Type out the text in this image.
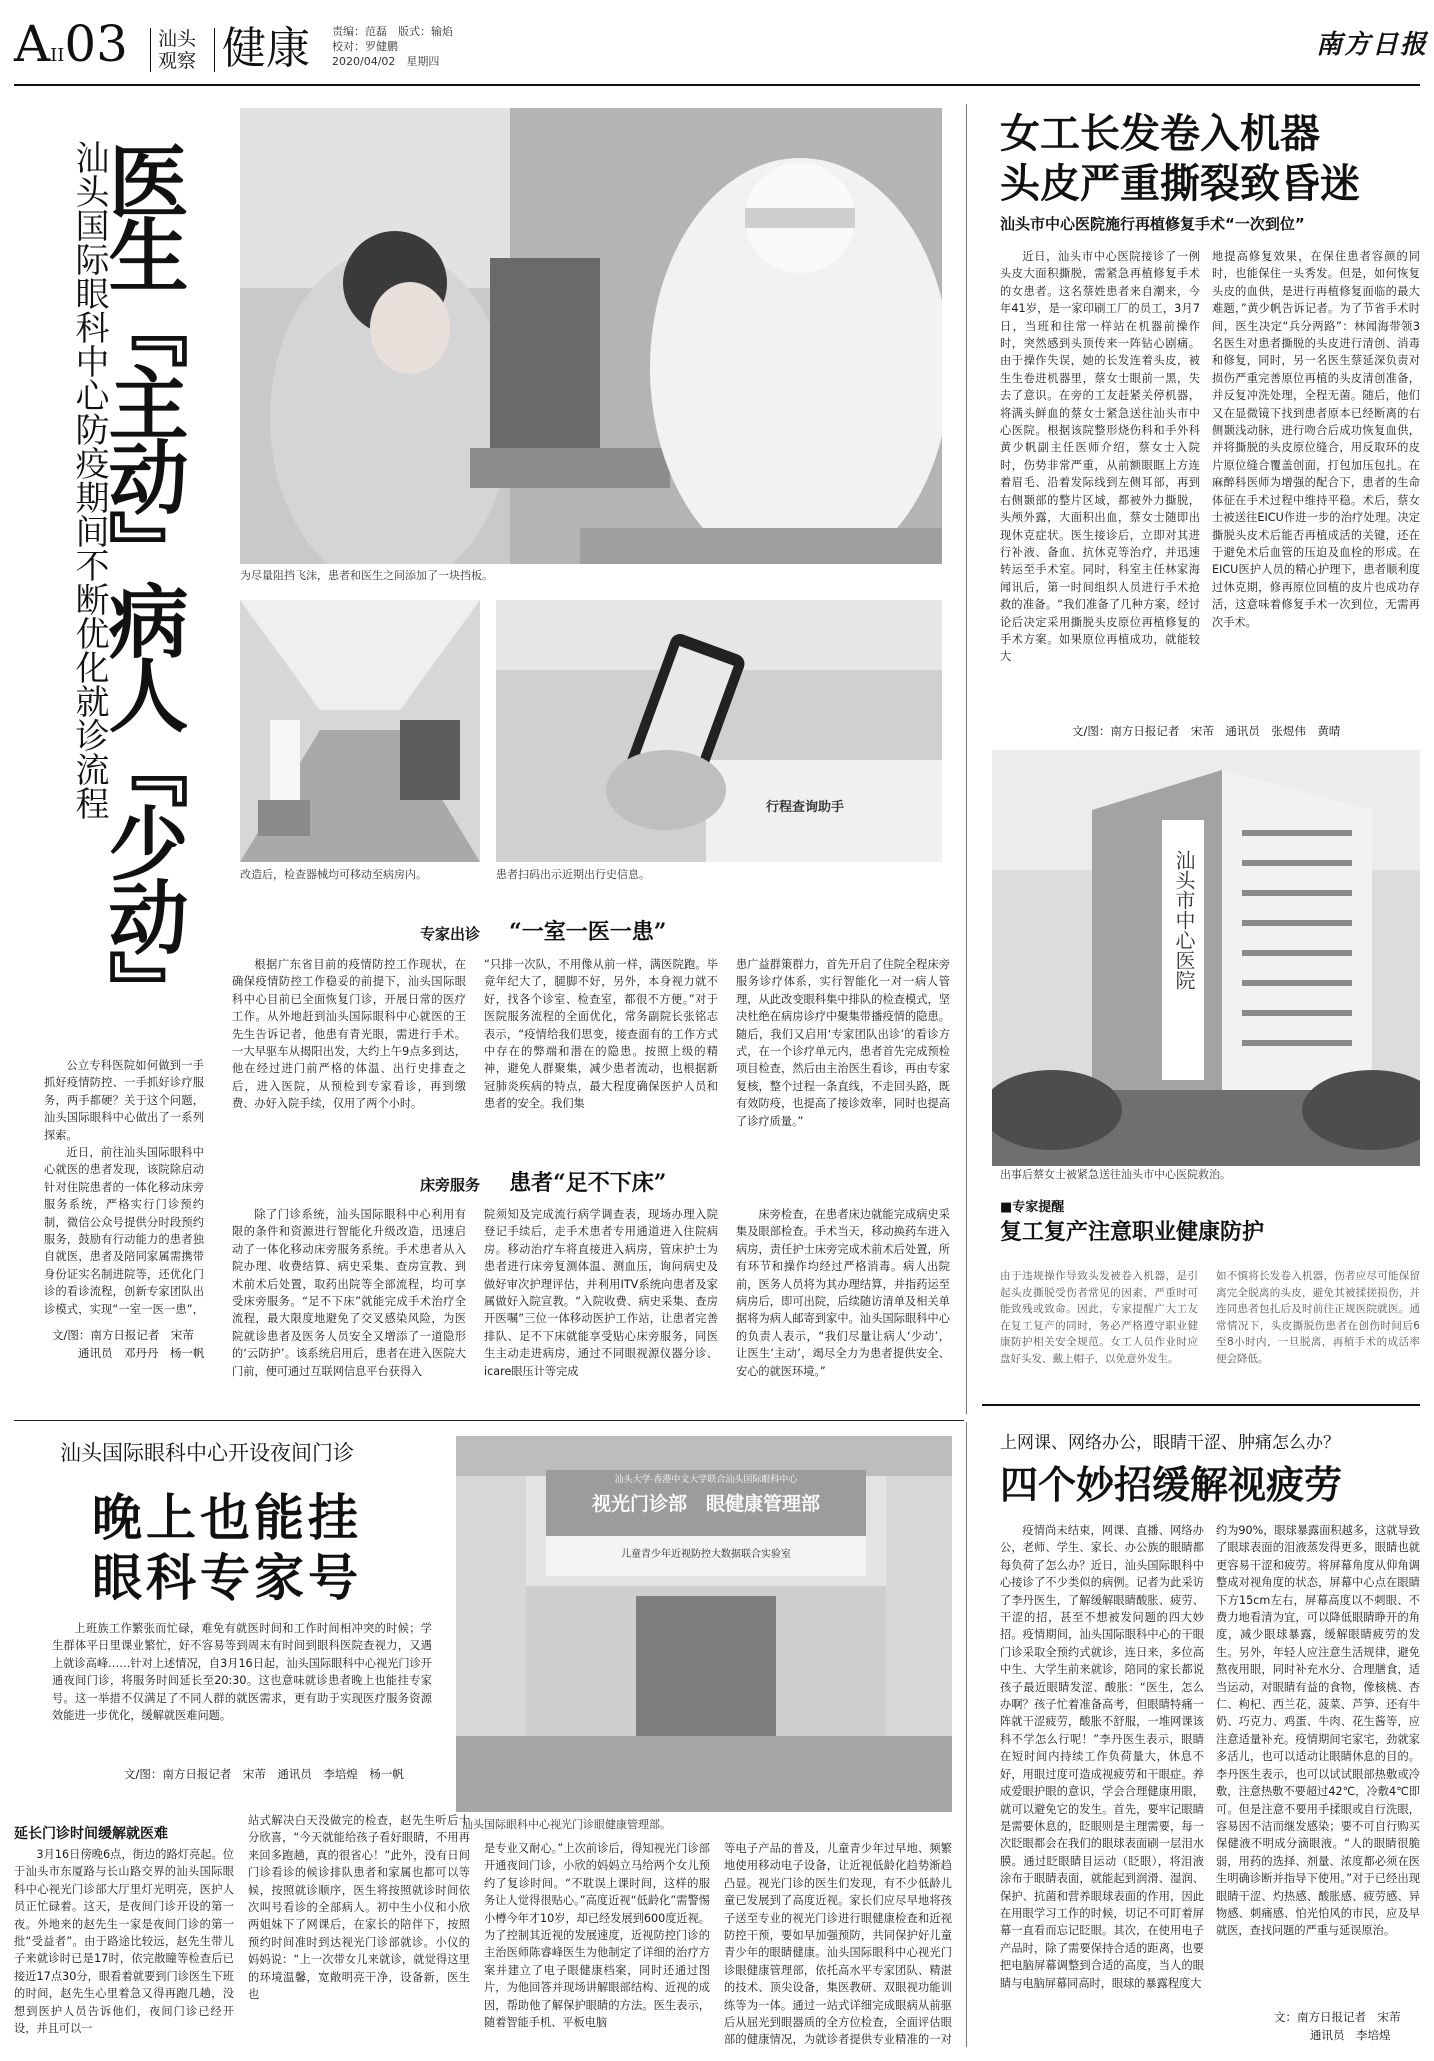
AII03 汕头
观察 健康 责编：范磊　版式：输焰
校对：罗健鹏
2020/04/02　星期四
南方日报
汕头国际眼科中心防疫期间不断优化就诊流程
医生『主动』
病人『少动』
为尽量阻挡飞沫，患者和医生之间添加了一块挡板。
行程查询助手
改造后，检查器械均可移动至病房内。	患者扫码出示近期出行史信息。

公立专科医院如何做到一手抓好疫情防控、一手抓好诊疗服务，两手都硬？关于这个问题，汕头国际眼科中心做出了一系列探索。

近日，前往汕头国际眼科中心就医的患者发现，该院除启动针对住院患者的一体化移动床旁服务系统，严格实行门诊预约制，微信公众号提供分时段预约服务，鼓励有行动能力的患者独自就医，患者及陪同家属需携带身份证实名制进院等，还优化门诊的看诊流程，创新专家团队出诊模式，实现“一室一医一患”，

文/图：南方日报记者　宋芾
通讯员　邓丹丹　杨一帆
专家出诊 “一室一医一患”

根据广东省目前的疫情防控工作现状，在确保疫情防控工作稳妥的前提下，汕头国际眼科中心目前已全面恢复门诊，开展日常的医疗工作。从外地赶到汕头国际眼科中心就医的王先生告诉记者，他患有青光眼，需进行手术。一大早驱车从揭阳出发，大约上午9点多到达，他在经过进门前严格的体温、出行史排查之后，进入医院，从预检到专家看诊，再到缴费、办好入院手续，仅用了两个小时。

“只排一次队，不用像从前一样，满医院跑。毕竟年纪大了，腿脚不好，另外，本身视力就不好，找各个诊室、检查室，都很不方便。”对于医院服务流程的全面优化，常务副院长张铭志表示，“疫情给我们思变，接查面有的工作方式中存在的弊端和潜在的隐患。按照上级的精神，避免人群聚集，减少患者流动，也根据新冠肺炎疾病的特点，最大程度确保医护人员和患者的安全。我们集

患广益群策群力，首先开启了住院全程床旁服务诊疗体系，实行智能化一对一病人管理，从此改变眼科集中排队的检查模式，坚决杜绝在病房诊疗中聚集带播疫情的隐患。随后，我们又启用‘专家团队出诊’的看诊方式，在一个诊疗单元内，患者首先完成预检项目检查，然后由主治医生看诊，再由专家复核，整个过程一条直线，不走回头路，既有效防疫，也提高了接诊效率，同时也提高了诊疗质量。”

床旁服务 患者“足不下床”

除了门诊系统，汕头国际眼科中心利用有限的条件和资源进行智能化升级改造，迅速启动了一体化移动床旁服务系统。手术患者从入院办理、收费结算、病史采集、查房宣教、到术前术后处置，取药出院等全部流程，均可享受床旁服务。“足不下床”就能完成手术治疗全流程，最大限度地避免了交叉感染风险，为医院就诊患者及医务人员安全又增添了一道隐形的‘云防护’。该系统启用后，患者在进入医院大门前，便可通过互联网信息平台获得入

院须知及完成流行病学调查表，现场办理入院登记手续后，走手术患者专用通道进入住院病房。移动治疗车将直接进入病房，管床护士为患者进行床旁复测体温、测血压，询问病史及做好审次护理评估，并利用ITV系统向患者及家属做好入院宣教。“入院收费、病史采集、查房开医嘱”三位一体移动医护工作站，让患者完善排队、足不下床就能享受贴心床旁服务，同医生主动走进病房，通过不同眼视源仪器分诊、icare眼压计等完成

床旁检查，在患者床边就能完成病史采集及眼部检查。手术当天，移动换药车进入病房，责任护士床旁完成术前术后处置，所有环节和操作均经过严格消毒。病人出院前，医务人员将为其办理结算，并指药运至病房后，即可出院，后续随访清单及相关单据将为病人邮寄到家中。汕头国际眼科中心的负责人表示，“我们尽量让病人‘少动’，让医生‘主动’，竭尽全力为患者提供安全、安心的就医环境。”

女工长发卷入机器
头皮严重撕裂致昏迷
汕头市中心医院施行再植修复手术“一次到位”

近日，汕头市中心医院接诊了一例头皮大面积撕脱，需紧急再植修复手术的女患者。这名蔡姓患者来自潮来，今年41岁，是一家印刷工厂的员工，3月7日，当班和往常一样站在机器前操作时，突然感到头顶传来一阵钻心剧痛。由于操作失误，她的长发连着头皮，被生生卷进机器里，蔡女士眼前一黑，失去了意识。在旁的工友赶紧关停机器，将满头鲜血的蔡女士紧急送往汕头市中心医院。根据该院整形烧伤科和手外科黄少帆副主任医师介绍，蔡女士入院时，伤势非常严重，从前额眼眶上方连着眉毛、沿着发际线到左侧耳部，再到右侧颞部的整片区域，都被外力撕脱，头颅外露，大面积出血，蔡女士随即出现休克症状。医生接诊后，立即对其进行补液、备血、抗休克等治疗，并迅速转运至手术室。同时，科室主任林家海闻讯后，第一时间组织人员进行手术抢救的准备。“我们准备了几种方案，经讨论后决定采用撕脱头皮原位再植修复的手术方案。如果原位再植成功，就能较大

地提高修复效果，在保住患者容颜的同时，也能保住一头秀发。但是，如何恢复头皮的血供，是进行再植修复面临的最大难题，”黄少帆告诉记者。为了节省手术时间，医生决定“兵分两路”：林闻海带领3名医生对患者撕脱的头皮进行清创、消毒和修复，同时，另一名医生蔡延深负责对损伤严重完善原位再植的头皮清创准备，并反复冲洗处理，全程无菌。随后，他们又在显微镜下找到患者原本已经断离的右侧颞浅动脉，进行吻合后成功恢复血供，并将撕脱的头皮原位缝合，用反取环的皮片原位缝合覆盖创面，打包加压包扎。在麻醉科医师为增强的配合下，患者的生命体征在手术过程中维持平稳。术后，蔡女士被送往EICU作进一步的治疗处理。决定撕脱头皮术后能否再植成活的关键，还在于避免术后血管的压迫及血栓的形成。在EICU医护人员的精心护理下，患者顺利度过休克期，修再原位回植的皮片也成功存活，这意味着修复手术一次到位，无需再次手术。

文/图：南方日报记者　宋芾　通讯员　张煜伟　黄晴
汕头市中心医院
出事后蔡女士被紧急送往汕头市中心医院救治。
■专家提醒
复工复产注意职业健康防护
由于违规操作导致头发被卷入机器，是引起头皮撕脱受伤者常见的因素，严重时可能致残或致命。因此，专家提醒广大工友在复工复产的同时，务必严格遵守职业健康防护相关安全规范。女工人员作业时应盘好头发、戴上帽子，以免意外发生。
如不慎将长发卷入机器，伤者应尽可能保留离完全脱离的头皮，避免其被揉搓损伤，并连同患者包扎后及时前往正规医院就医。通常情况下，头皮撕脱伤患者在创伤时间后6至8小时内，一旦脱离，再植手术的成活率便会降低。
汕头国际眼科中心开设夜间门诊
晚上也能挂
眼科专家号

上班族工作繁张而忙碌，难免有就医时间和工作时间相冲突的时候；学生群体平日里课业繁忙，好不容易等到周末有时间到眼科医院查视力，又遇上就诊高峰……针对上述情况，自3月16日起，汕头国际眼科中心视光门诊开通夜间门诊，将服务时间延长至20:30。这也意味就诊患者晚上也能挂专家号。这一举措不仅满足了不同人群的就医需求，更有助于实现医疗服务资源效能进一步优化，缓解就医难问题。

文/图：南方日报记者　宋芾　通讯员　李培煌　杨一帆
汕头大学·香港中文大学联合汕头国际眼科中心
视光门诊部　眼健康管理部
儿童青少年近视防控大数据联合实验室
汕头国际眼科中心视光门诊眼健康管理部。
延长门诊时间缓解就医难

3月16日傍晚6点，街边的路灯亮起。位于汕头市东厦路与长山路交界的汕头国际眼科中心视光门诊部大厅里灯光明亮，医护人员正忙碌着。这天，是夜间门诊开设的第一夜。外地来的赵先生一家是夜间门诊的第一批“受益者”。由于路途比较远，赵先生带儿子来就诊时已是17时，依完散瞳等检查后已接近17点30分，眼看着就要到门诊医生下班的时间，赵先生心里着急又得再跑几趟，没想到医护人员告诉他们，夜间门诊已经开设，并且可以一

站式解决白天没做完的检查，赵先生听后十分欣喜，“今天就能给孩子看好眼睛，不用再来回多跑趟，真的很省心！”此外，没有日间门诊看诊的候诊排队患者和家属也都可以等候，按照就诊顺序，医生将按照就诊时间依次叫号看诊的全部病人。初中生小仪和小欣两姐妹下了网课后，在家长的陪伴下，按照预约时间准时到达视光门诊部就诊。小仪的妈妈说：“上一次带女儿来就诊，就觉得这里的环境温馨，宽敞明亮干净，设备新，医生也

是专业又耐心。”上次前诊后，得知视光门诊部开通夜间门诊，小欣的妈妈立马给两个女儿预约了复诊时间。“不耽误上课时间，这样的服务让人觉得很贴心。”高度近视“低龄化”需警惕小樽今年才10岁，却已经发展到600度近视。为了控制其近视的发展速度，近视防控门诊的主治医师陈睿峰医生为他制定了详细的治疗方案并建立了电子眼健康档案，同时还通过图片，为他回答并现场讲解眼部结构、近视的成因，帮助他了解保护眼睛的方法。医生表示，随着智能手机、平板电脑

等电子产品的普及，儿童青少年过早地、频繁地使用移动电子设备，让近视低龄化趋势渐趋凸显。视光门诊的医生们发现，有不少低龄儿童已发展到了高度近视。家长们应尽早地将孩子送至专业的视光门诊进行眼健康检查和近视防控干预，要如早加强预防，共同保护好儿童青少年的眼睛健康。汕头国际眼科中心视光门诊眼健康管理部，依托高水平专家团队、精湛的技术、顶尖设备，集医教研、双眼视功能训练等为一体。通过一站式详细完成眼病从前驱后从屈光到眼器质的全方位检查，全面评估眼部的健康情况，为就诊者提供专业精准的一对

上网课、网络办公，眼睛干涩、肿痛怎么办？
四个妙招缓解视疲劳

疫情尚未结束，网课、直播、网络办公，老师、学生、家长、办公族的眼睛都每负荷了怎么办？近日，汕头国际眼科中心接诊了不少类似的病例。记者为此采访了李丹医生，了解缓解眼睛酸胀、疲劳、干涩的招，甚至不想被发问题的四大妙招。疫情期间，汕头国际眼科中心的干眼门诊采取全预约式就诊，连日来，多位高中生、大学生前来就诊，陪同的家长都说孩子最近眼睛发涩、酸胀：“医生，怎么办啊？孩子忙着准备高考，但眼睛特痛一阵就干涩疲劳，酸胀不舒服，一堆网课该科不学怎么行呢！”李丹医生表示，眼睛在短时间内持续工作负荷量大，休息不好，用眼过度可造成视疲劳和干眼症。养成爱眼护眼的意识，学会合理健康用眼，就可以避免它的发生。首先，要牢记眼睛是需要休息的，眨眼则是主理需要，每一次眨眼都会在我们的眼球表面刷一层泪水膜。通过眨眼睛目运动（眨眼），将泪液涂布于眼睛表面，就能起到润滑、湿润、保护、抗菌和营养眼球表面的作用，因此在用眼学习工作的时候，切记不可盯着屏幕一直看而忘记眨眼。其次，在使用电子产品时，除了需要保持合适的距离，也要把电脑屏幕调整到合适的高度，当人的眼睛与电脑屏幕同高时，眼球的暴露程度大

约为90%，眼球暴露面积越多，这就导致了眼球表面的泪液蒸发得更多，眼睛也就更容易干涩和疲劳。将屏幕角度从仰角调整成对视角度的状态，屏幕中心点在眼睛下方15cm左右，屏幕高度以不刺眼、不费力地看清为宜，可以降低眼睛睁开的角度，减少眼球暴露，缓解眼睛疲劳的发生。另外，年轻人应注意生活规律，避免熬夜用眼，同时补充水分、合理膳食，适当运动，对眼睛有益的食物，像核桃、杏仁、枸杞、西兰花、菠菜、芦笋、还有牛奶、巧克力、鸡蛋、牛肉、花生酱等，应注意适量补充。疫情期间宅家宅，劲就家多活儿，也可以适动让眼睛休息的目的。李丹医生表示，也可以试试眼部热敷或冷敷，注意热敷不要超过42℃，冷敷4℃即可。但是注意不要用手揉眼或自行洗眼，容易因不洁而继发感染；要不可自行购买保健液不明成分滴眼液。“人的眼睛很脆弱，用药的选择、剂量、浓度都必须在医生明确诊断并指导下使用。”对于已经出现眼睛干涩、灼热感、酸胀感、疲劳感、异物感、刺痛感、怕光怕风的市民，应及早就医，查找问题的严重与延误原治。

文：南方日报记者　宋芾
通讯员　李培煌
